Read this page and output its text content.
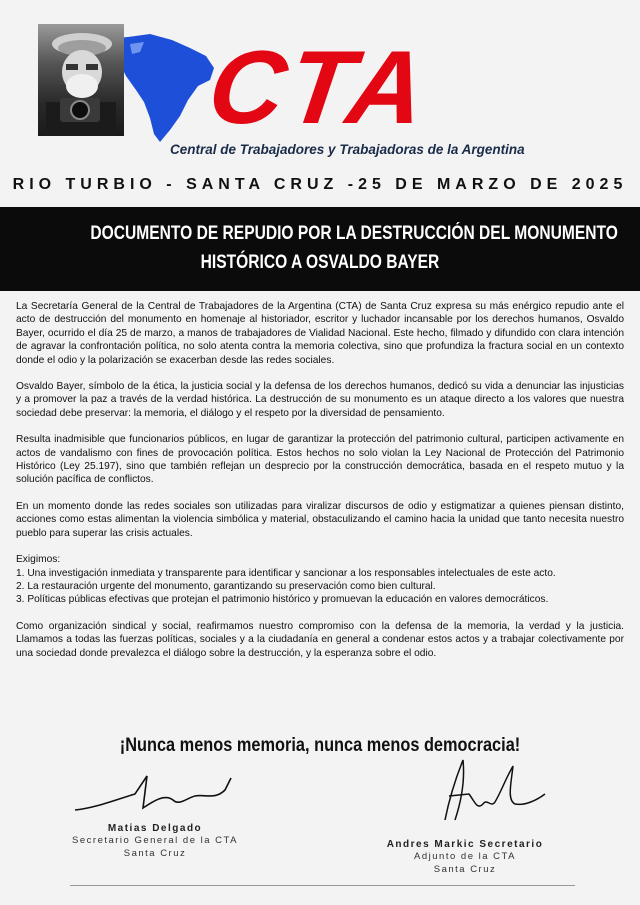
CTA
Central de Trabajadores y Trabajadoras de la Argentina
RIO TURBIO - SANTA CRUZ -25 DE MARZO DE 2025
DOCUMENTO DE REPUDIO POR LA DESTRUCCIÓN DEL MONUMENTO
HISTÓRICO A OSVALDO BAYER

La Secretaría General de la Central de Trabajadores de la Argentina (CTA) de Santa Cruz expresa su más enérgico repudio ante el acto de destrucción del monumento en homenaje al historiador, escritor y luchador incansable por los derechos humanos, Osvaldo Bayer, ocurrido el día 25 de marzo, a manos de trabajadores de Vialidad Nacional. Este hecho, filmado y difundido con clara intención de agravar la confrontación política, no solo atenta contra la memoria colectiva, sino que profundiza la fractura social en un contexto donde el odio y la polarización se exacerban desde las redes sociales.

Osvaldo Bayer, símbolo de la ética, la justicia social y la defensa de los derechos humanos, dedicó su vida a denunciar las injusticias y a promover la paz a través de la verdad histórica. La destrucción de su monumento es un ataque directo a los valores que nuestra sociedad debe preservar: la memoria, el diálogo y el respeto por la diversidad de pensamiento.

Resulta inadmisible que funcionarios públicos, en lugar de garantizar la protección del patrimonio cultural, participen activamente en actos de vandalismo con fines de provocación política. Estos hechos no solo violan la Ley Nacional de Protección del Patrimonio Histórico (Ley 25.197), sino que también reflejan un desprecio por la construcción democrática, basada en el respeto mutuo y la solución pacífica de conflictos.

En un momento donde las redes sociales son utilizadas para viralizar discursos de odio y estigmatizar a quienes piensan distinto, acciones como estas alimentan la violencia simbólica y material, obstaculizando el camino hacia la unidad que tanto necesita nuestro pueblo para superar las crisis actuales.

Exigimos:
1. Una investigación inmediata y transparente para identificar y sancionar a los responsables intelectuales de este acto.
2. La restauración urgente del monumento, garantizando su preservación como bien cultural.
3. Políticas públicas efectivas que protejan el patrimonio histórico y promuevan la educación en valores democráticos.

Como organización sindical y social, reafirmamos nuestro compromiso con la defensa de la memoria, la verdad y la justicia. Llamamos a todas las fuerzas políticas, sociales y a la ciudadanía en general a condenar estos actos y a trabajar colectivamente por una sociedad donde prevalezca el diálogo sobre la destrucción, y la esperanza sobre el odio.

¡Nunca menos memoria, nunca menos democracia!
Matias Delgado
Secretario General de la CTA
Santa Cruz
Andres Markic Secretario
Adjunto de la CTA
Santa Cruz
